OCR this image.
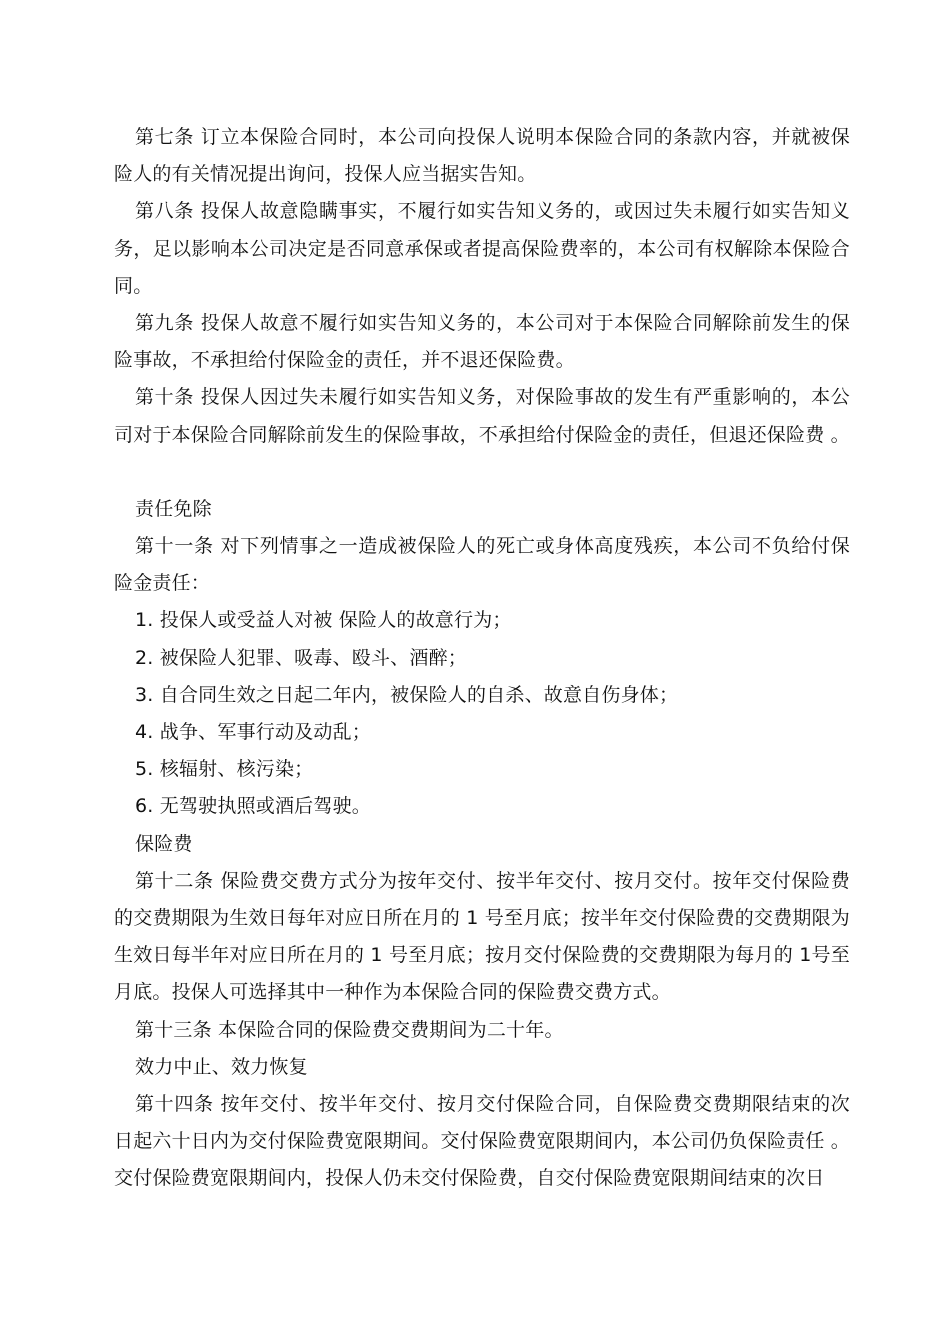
第七条 订立本保险合同时，本公司向投保人说明本保险合同的条款内容，并就被保险人的有关情况提出询问，投保人应当据实告知。

第八条 投保人故意隐瞒事实，不履行如实告知义务的，或因过失未履行如实告知义务，足以影响本公司决定是否同意承保或者提高保险费率的，本公司有权解除本保险合同。

第九条 投保人故意不履行如实告知义务的，本公司对于本保险合同解除前发生的保险事故，不承担给付保险金的责任，并不退还保险费。

第十条 投保人因过失未履行如实告知义务，对保险事故的发生有严重影响的，本公司对于本保险合同解除前发生的保险事故，不承担给付保险金的责任，但退还保险费 。

责任免除

第十一条 对下列情事之一造成被保险人的死亡或身体高度残疾，本公司不负给付保险金责任：

1. 投保人或受益人对被 保险人的故意行为；

2. 被保险人犯罪、吸毒、殴斗、酒醉；

3. 自合同生效之日起二年内，被保险人的自杀、故意自伤身体；

4. 战争、军事行动及动乱；

5. 核辐射、核污染；

6. 无驾驶执照或酒后驾驶。

保险费

第十二条 保险费交费方式分为按年交付、按半年交付、按月交付。按年交付保险费的交费期限为生效日每年对应日所在月的 1 号至月底；按半年交付保险费的交费期限为生效日每半年对应日所在月的 1 号至月底；按月交付保险费的交费期限为每月的 1号至月底。投保人可选择其中一种作为本保险合同的保险费交费方式。

第十三条 本保险合同的保险费交费期间为二十年。

效力中止、效力恢复

第十四条 按年交付、按半年交付、按月交付保险合同，自保险费交费期限结束的次日起六十日内为交付保险费宽限期间。交付保险费宽限期间内，本公司仍负保险责任 。交付保险费宽限期间内，投保人仍未交付保险费，自交付保险费宽限期间结束的次日
